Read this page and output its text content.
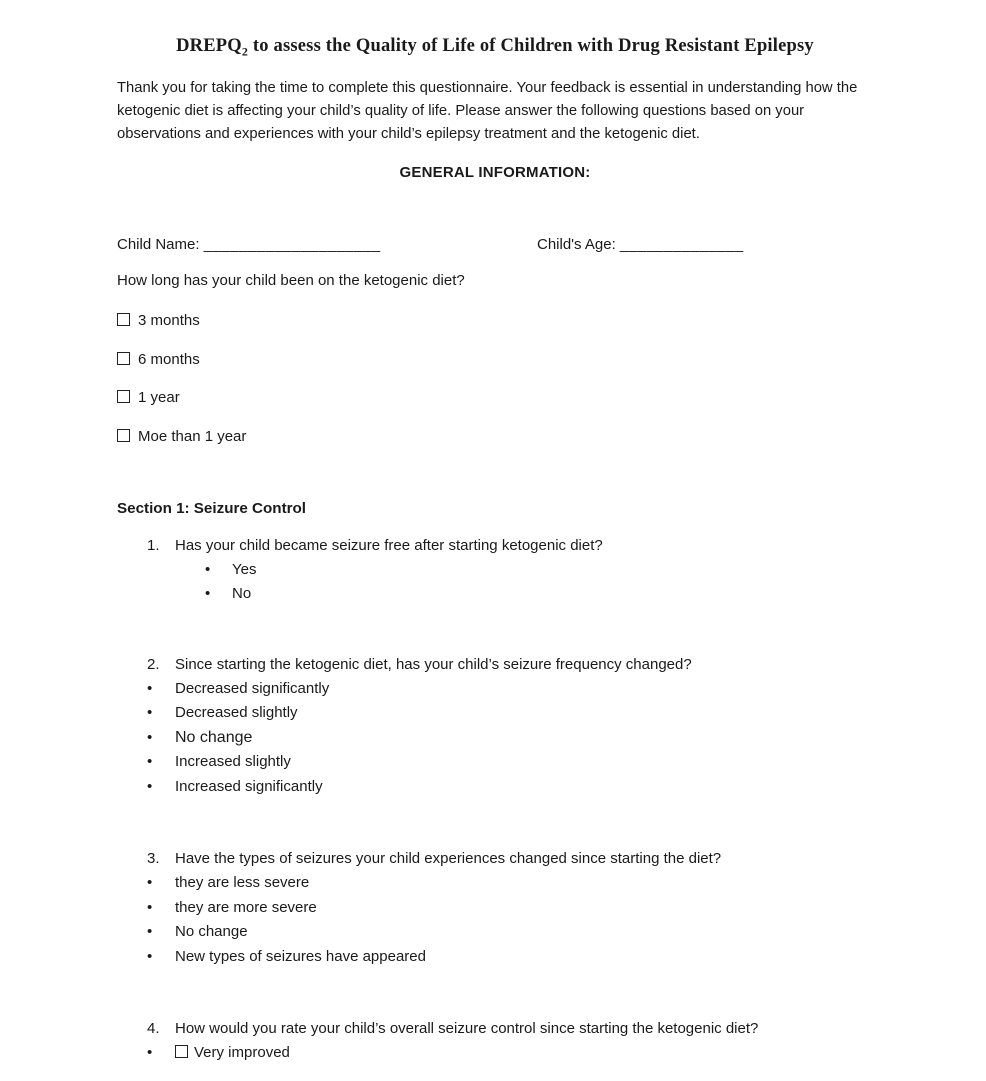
$DREPQ_2$ to assess the Quality of Life of Children with Drug Resistant Epilepsy

Thank you for taking the time to complete this questionnaire. Your feedback is essential in understanding how the ketogenic diet is affecting your child’s quality of life. Please answer the following questions based on your observations and experiences with your child’s epilepsy treatment and the ketogenic diet.

GENERAL INFORMATION:
Child Name: ____________________	Child's Age: ______________
How long has your child been on the ketogenic diet?
3 months
6 months
1 year
Moe than 1 year
Section 1: Seizure Control
1.	Has your child became seizure free after starting ketogenic diet?
•
Yes
•
No
2.	Since starting the ketogenic diet, has your child’s seizure frequency changed?
•
Decreased significantly
•
Decreased slightly
•
No change
•
Increased slightly
•
Increased significantly
3.	Have the types of seizures your child experiences changed since starting the diet?
•
they are less severe
•
they are more severe
•
No change
•
New types of seizures have appeared
4.	How would you rate your child’s overall seizure control since starting the ketogenic diet?
•
Very improved
